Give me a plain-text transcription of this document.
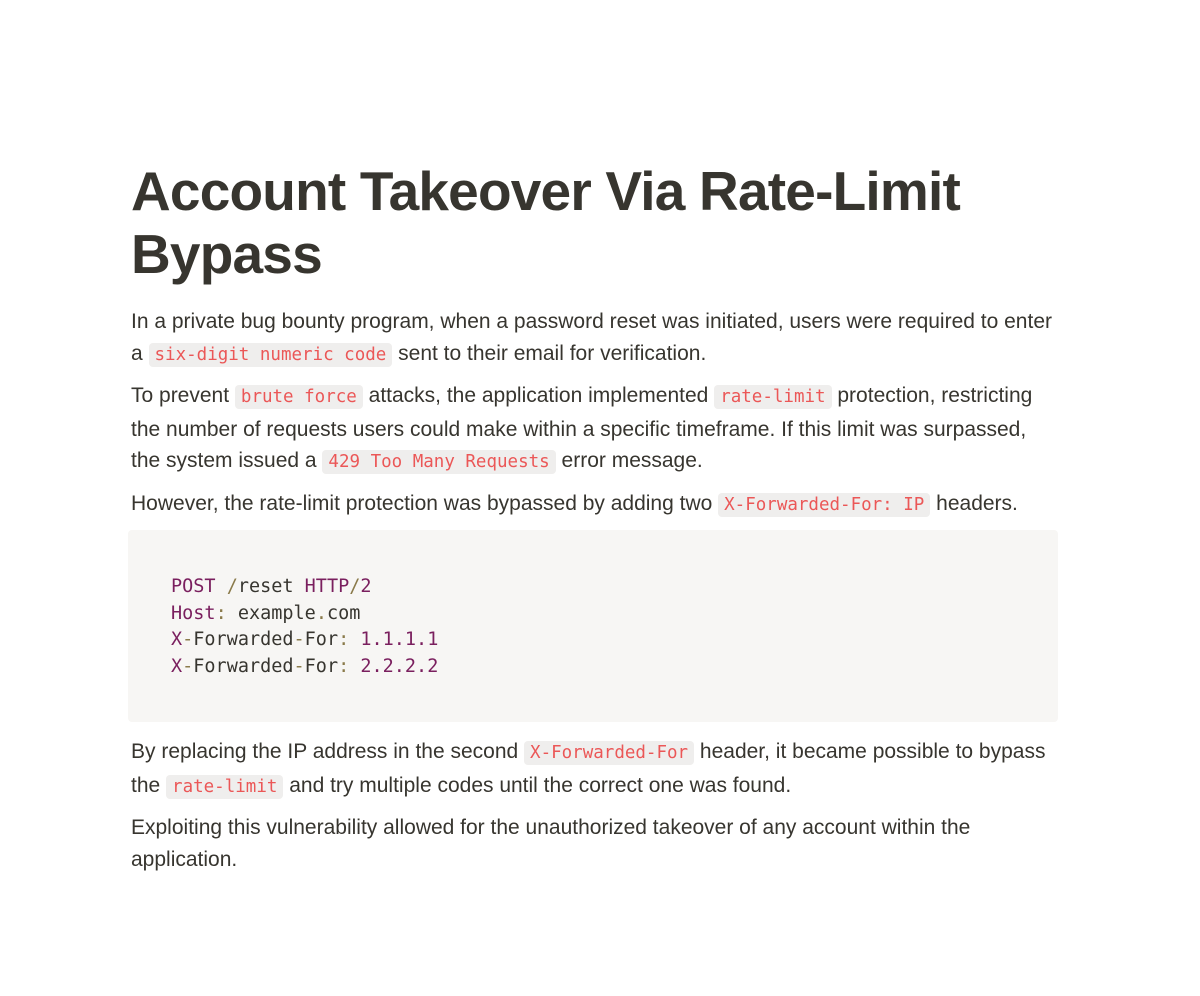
Account Takeover Via Rate-Limit Bypass

In a private bug bounty program, when a password reset was initiated, users were required to enter a six-digit numeric code sent to their email for verification.

To prevent brute force attacks, the application implemented rate-limit protection, restricting the number of requests users could make within a specific timeframe. If this limit was surpassed, the system issued a 429 Too Many Requests error message.

However, the rate-limit protection was bypassed by adding two X-Forwarded-For: IP headers.

POST /reset HTTP/2
Host: example.com
X-Forwarded-For: 1.1.1.1
X-Forwarded-For: 2.2.2.2

By replacing the IP address in the second X-Forwarded-For header, it became possible to bypass the rate-limit and try multiple codes until the correct one was found.

Exploiting this vulnerability allowed for the unauthorized takeover of any account within the application.
